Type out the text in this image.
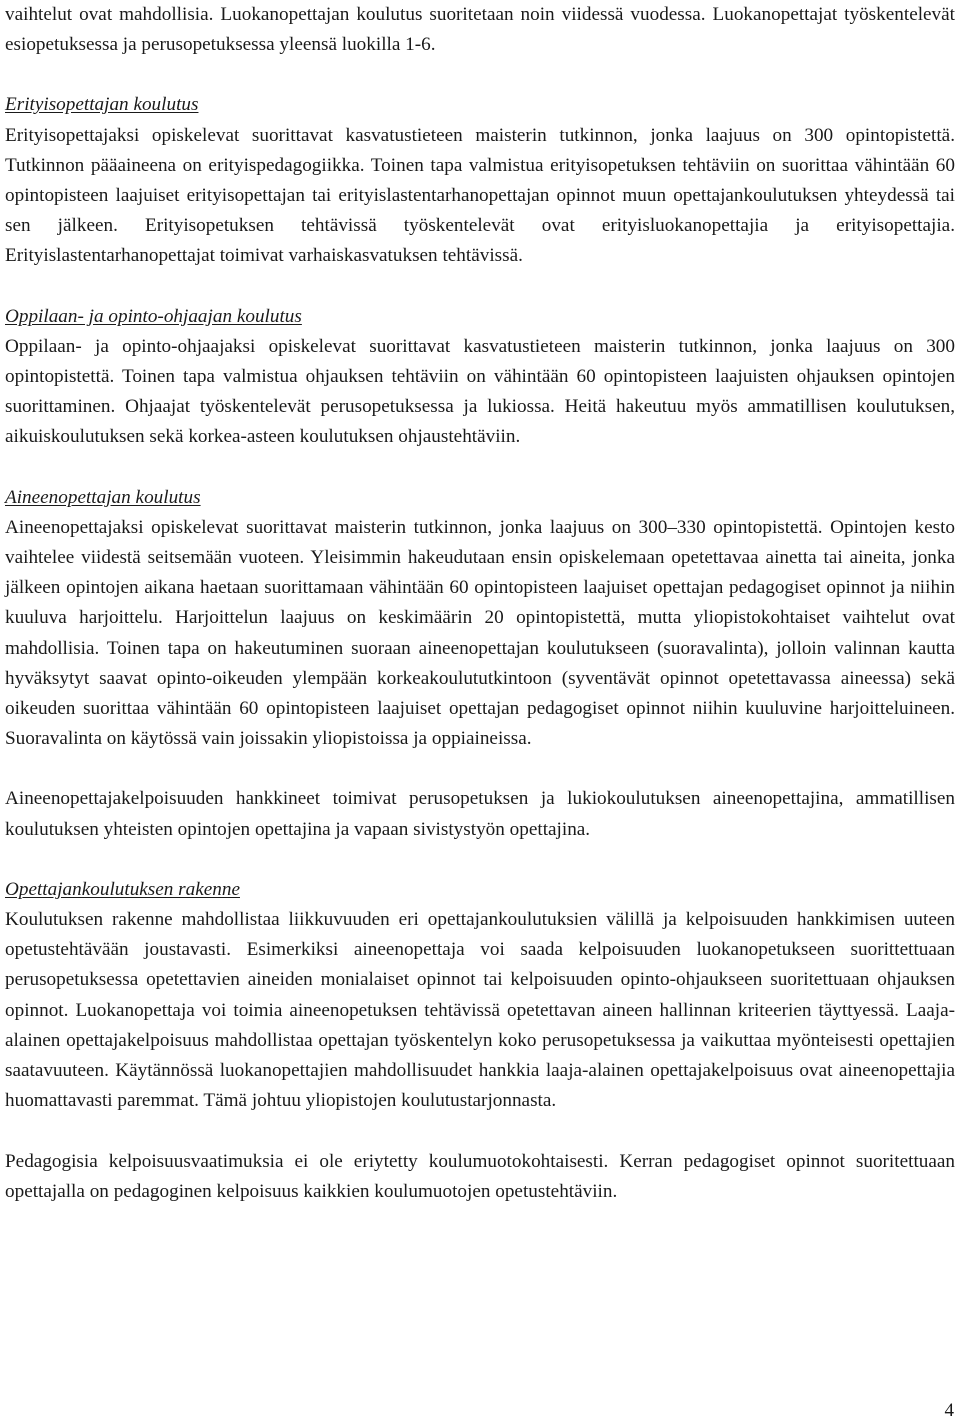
vaihtelut ovat mahdollisia. Luokanopettajan koulutus suoritetaan noin viidessä vuodessa. Luokanopettajat työskentelevät esiopetuksessa ja perusopetuksessa yleensä luokilla 1-6.

Erityisopettajan koulutus

Erityisopettajaksi opiskelevat suorittavat kasvatustieteen maisterin tutkinnon, jonka laajuus on 300 opintopistettä. Tutkinnon pääaineena on erityispedagogiikka. Toinen tapa valmistua erityisopetuksen tehtäviin on suorittaa vähintään 60 opintopisteen laajuiset erityisopettajan tai erityislastentarhanopettajan opinnot muun opettajankoulutuksen yhteydessä tai sen jälkeen. Erityisopetuksen tehtävissä työskentelevät ovat erityisluokanopettajia ja erityisopettajia. Erityislastentarhanopettajat toimivat varhaiskasvatuksen tehtävissä.

Oppilaan- ja opinto-ohjaajan koulutus

Oppilaan- ja opinto-ohjaajaksi opiskelevat suorittavat kasvatustieteen maisterin tutkinnon, jonka laajuus on 300 opintopistettä. Toinen tapa valmistua ohjauksen tehtäviin on vähintään 60 opintopisteen laajuisten ohjauksen opintojen suorittaminen. Ohjaajat työskentelevät perusopetuksessa ja lukiossa. Heitä hakeutuu myös ammatillisen koulutuksen, aikuiskoulutuksen sekä korkea-asteen koulutuksen ohjaustehtäviin.

Aineenopettajan koulutus

Aineenopettajaksi opiskelevat suorittavat maisterin tutkinnon, jonka laajuus on 300–330 opintopistettä. Opintojen kesto vaihtelee viidestä seitsemään vuoteen. Yleisimmin hakeudutaan ensin opiskelemaan opetettavaa ainetta tai aineita, jonka jälkeen opintojen aikana haetaan suorittamaan vähintään 60 opintopisteen laajuiset opettajan pedagogiset opinnot ja niihin kuuluva harjoittelu. Harjoittelun laajuus on keskimäärin 20 opintopistettä, mutta yliopistokohtaiset vaihtelut ovat mahdollisia. Toinen tapa on hakeutuminen suoraan aineenopettajan koulutukseen (suoravalinta), jolloin valinnan kautta hyväksytyt saavat opinto-oikeuden ylempään korkeakoulututkintoon (syventävät opinnot opetettavassa aineessa) sekä oikeuden suorittaa vähintään 60 opintopisteen laajuiset opettajan pedagogiset opinnot niihin kuuluvine harjoitteluineen. Suoravalinta on käytössä vain joissakin yliopistoissa ja oppiaineissa.

Aineenopettajakelpoisuuden hankkineet toimivat perusopetuksen ja lukiokoulutuksen aineenopettajina, ammatillisen koulutuksen yhteisten opintojen opettajina ja vapaan sivistystyön opettajina.

Opettajankoulutuksen rakenne

Koulutuksen rakenne mahdollistaa liikkuvuuden eri opettajankoulutuksien välillä ja kelpoisuuden hankkimisen uuteen opetustehtävään joustavasti. Esimerkiksi aineenopettaja voi saada kelpoisuuden luokanopetukseen suorittettuaan perusopetuksessa opetettavien aineiden monialaiset opinnot tai kelpoisuuden opinto-ohjaukseen suoritettuaan ohjauksen opinnot. Luokanopettaja voi toimia aineenopetuksen tehtävissä opetettavan aineen hallinnan kriteerien täyttyessä. Laaja-alainen opettajakelpoisuus mahdollistaa opettajan työskentelyn koko perusopetuksessa ja vaikuttaa myönteisesti opettajien saatavuuteen. Käytännössä luokanopettajien mahdollisuudet hankkia laaja-alainen opettajakelpoisuus ovat aineenopettajia huomattavasti paremmat. Tämä johtuu yliopistojen koulutustarjonnasta.

Pedagogisia kelpoisuusvaatimuksia ei ole eriytetty koulumuotokohtaisesti. Kerran pedagogiset opinnot suoritettuaan opettajalla on pedagoginen kelpoisuus kaikkien koulumuotojen opetustehtäviin.

4
